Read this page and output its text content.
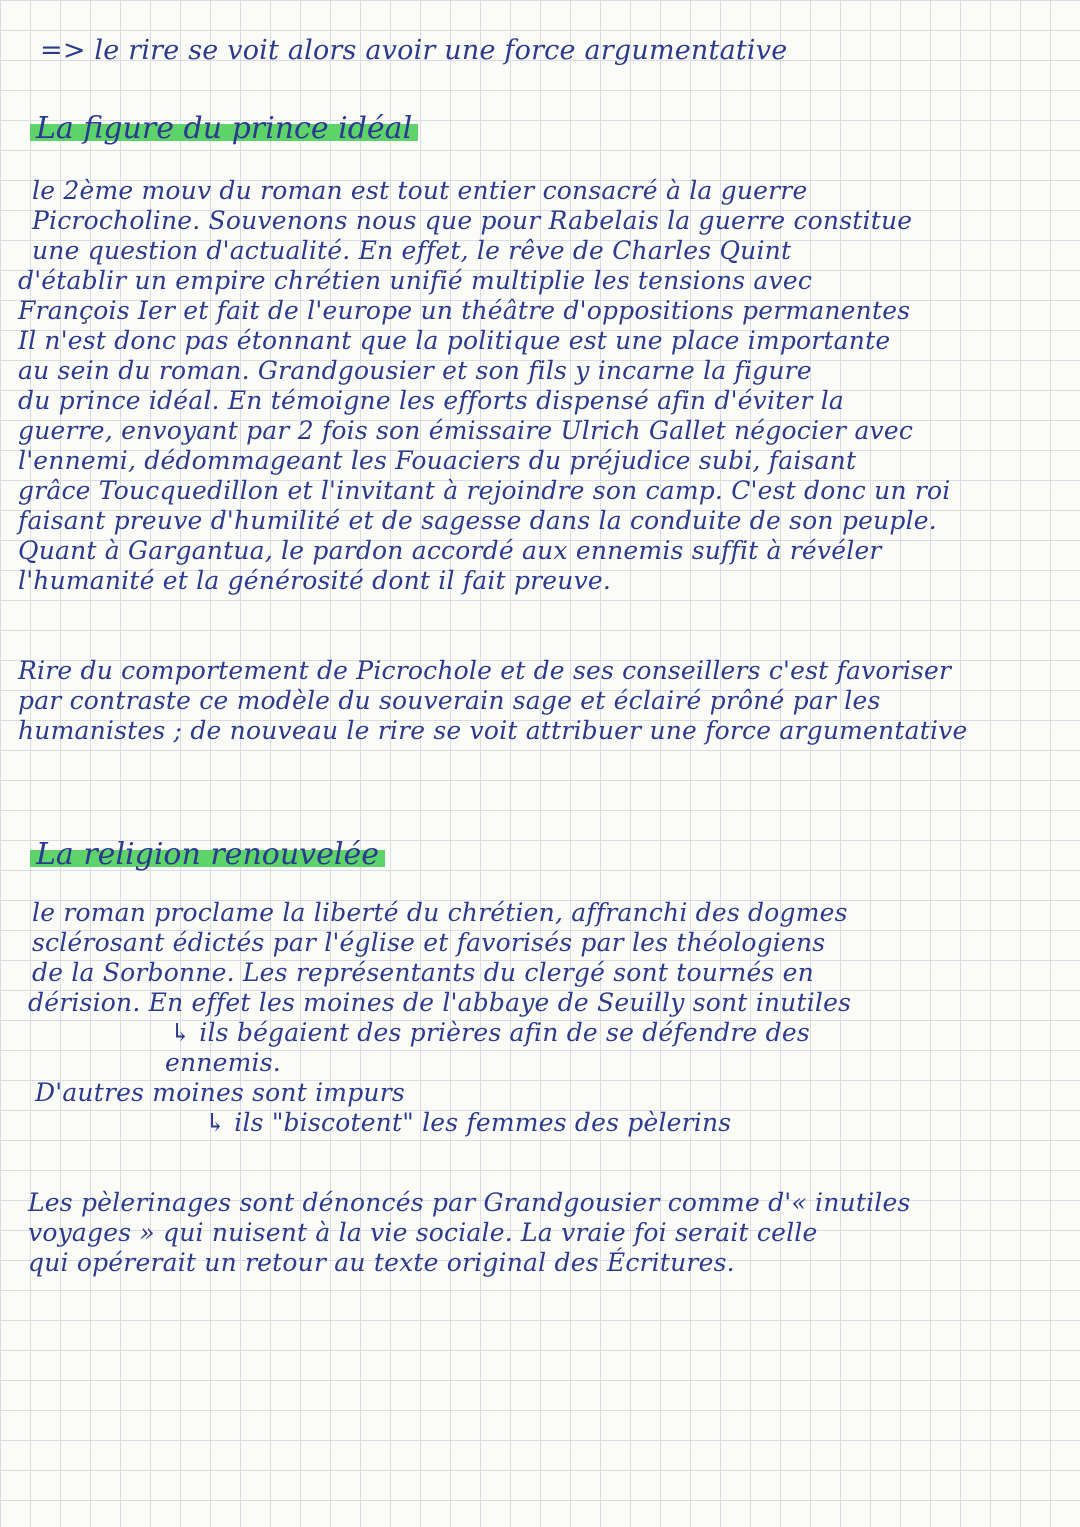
=> le rire se voit alors avoir une force argumentative
La figure du prince idéal
le 2ème mouv du roman est tout entier consacré à la guerre
Picrocholine. Souvenons nous que pour Rabelais la guerre constitue
une question d'actualité. En effet, le rêve de Charles Quint
d'établir un empire chrétien unifié multiplie les tensions avec
François Ier et fait de l'europe un théâtre d'oppositions permanentes
Il n'est donc pas étonnant que la politique est une place importante
au sein du roman. Grandgousier et son fils y incarne la figure
du prince idéal. En témoigne les efforts dispensé afin d'éviter la
guerre, envoyant par 2 fois son émissaire Ulrich Gallet négocier avec
l'ennemi, dédommageant les Fouaciers du préjudice subi, faisant
grâce Toucquedillon et l'invitant à rejoindre son camp. C'est donc un roi
faisant preuve d'humilité et de sagesse dans la conduite de son peuple.
Quant à Gargantua, le pardon accordé aux ennemis suffit à révéler
l'humanité et la générosité dont il fait preuve.
Rire du comportement de Picrochole et de ses conseillers c'est favoriser
par contraste ce modèle du souverain sage et éclairé prôné par les
humanistes ; de nouveau le rire se voit attribuer une force argumentative
La religion renouvelée
le roman proclame la liberté du chrétien, affranchi des dogmes
sclérosant édictés par l'église et favorisés par les théologiens
de la Sorbonne. Les représentants du clergé sont tournés en
dérision. En effet les moines de l'abbaye de Seuilly sont inutiles
↳ ils bégaient des prières afin de se défendre des
ennemis.
D'autres moines sont impurs
↳ ils "biscotent" les femmes des pèlerins
Les pèlerinages sont dénoncés par Grandgousier comme d'« inutiles
voyages » qui nuisent à la vie sociale. La vraie foi serait celle
qui opérerait un retour au texte original des Écritures.
